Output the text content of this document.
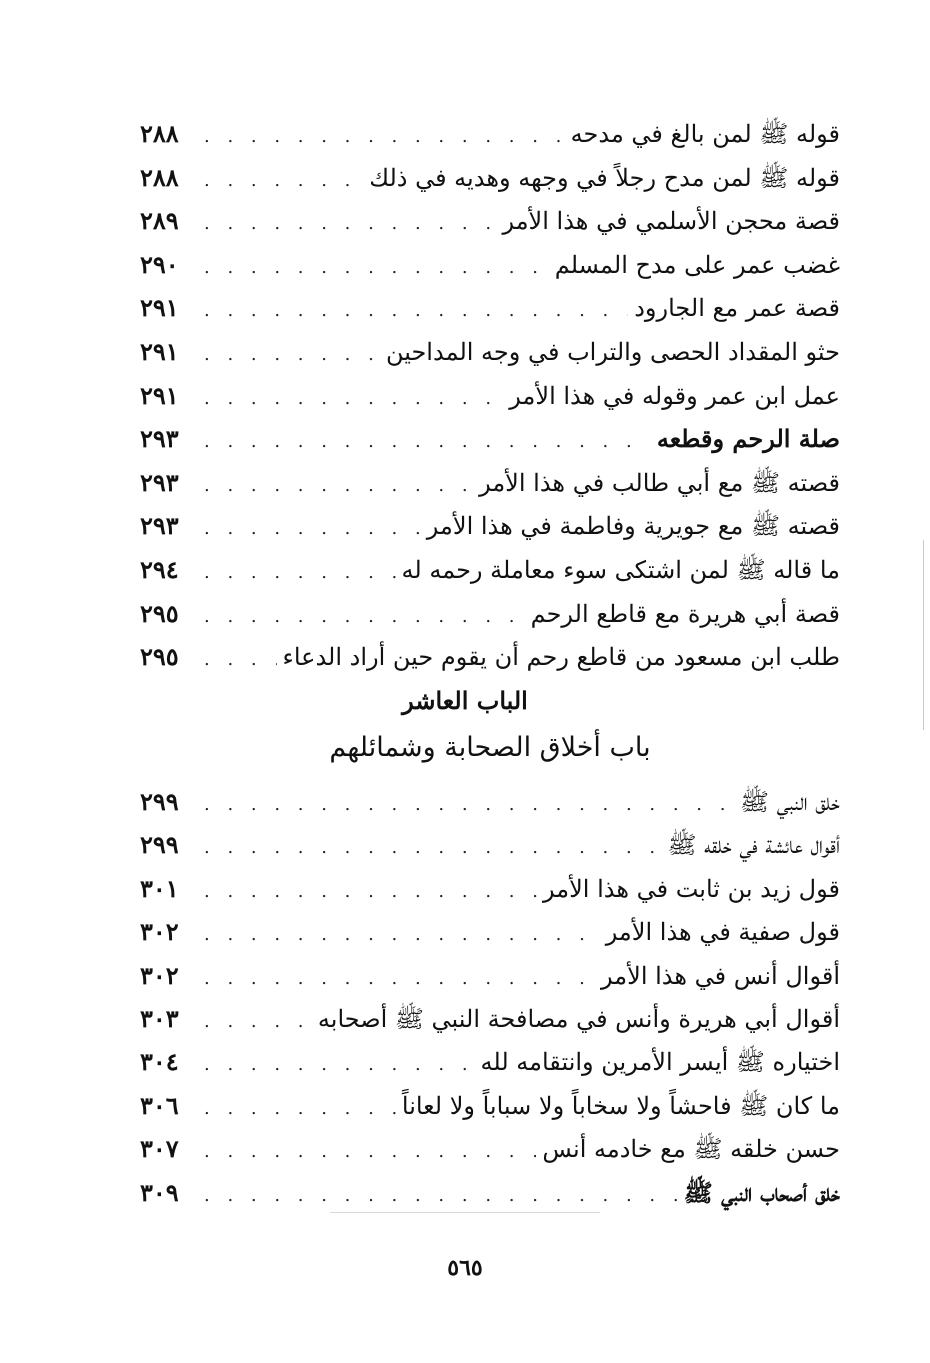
قوله ﷺ لمن بالغ في مدحه
. . .
٢٨٨
قوله ﷺ لمن مدح رجلاً في وجهه وهديه في ذلك
. . .
٢٨٨
قصة محجن الأسلمي في هذا الأمر
. . .
٢٨٩
غضب عمر على مدح المسلم
. . .
٢٩٠
قصة عمر مع الجارود
. . .
٢٩١
حثو المقداد الحصى والتراب في وجه المداحين
. . .
٢٩١
عمل ابن عمر وقوله في هذا الأمر
. . .
٢٩١
صلة الرحم وقطعه
. . .
٢٩٣
قصته ﷺ مع أبي طالب في هذا الأمر
. . .
٢٩٣
قصته ﷺ مع جويرية وفاطمة في هذا الأمر
. . .
٢٩٣
ما قاله ﷺ لمن اشتكى سوء معاملة رحمه له
. . .
٢٩٤
قصة أبي هريرة مع قاطع الرحم
. . .
٢٩٥
طلب ابن مسعود من قاطع رحم أن يقوم حين أراد الدعاء
. . .
٢٩٥
الباب العاشر
باب أخلاق الصحابة وشمائلهم
خلق النبي ﷺ
. . .
٢٩٩
أقوال عائشة في خلقه ﷺ
. . .
٢٩٩
قول زيد بن ثابت في هذا الأمر
. . .
٣٠١
قول صفية في هذا الأمر
. . .
٣٠٢
أقوال أنس في هذا الأمر
. . .
٣٠٢
أقوال أبي هريرة وأنس في مصافحة النبي ﷺ أصحابه
. . .
٣٠٣
اختياره ﷺ أيسر الأمرين وانتقامه لله
. . .
٣٠٤
ما كان ﷺ فاحشاً ولا سخاباً ولا سباباً ولا لعاناً
. . .
٣٠٦
حسن خلقه ﷺ مع خادمه أنس
. . .
٣٠٧
خلق أصحاب النبي ﷺ
. . .
٣٠٩
٥٦٥
